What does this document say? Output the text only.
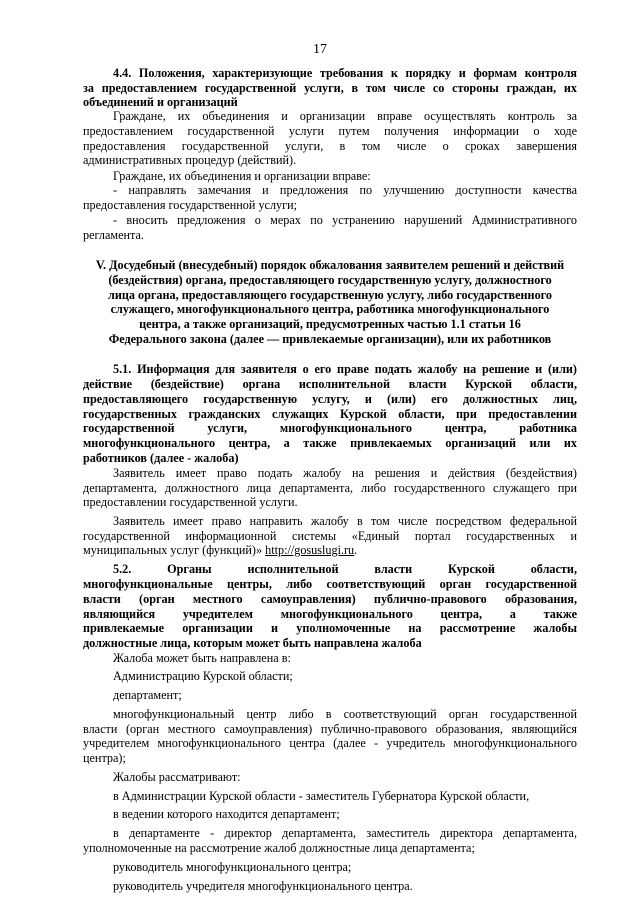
17
4.4. Положения, характеризующие требования к порядку и формам контроля
за предоставлением государственной услуги, в том числе со стороны граждан, их
объединений и организаций
Граждане, их объединения и организации вправе осуществлять контроль за
предоставлением государственной услуги путем получения информации о ходе
предоставления государственной услуги, в том числе о сроках завершения
административных процедур (действий).
Граждане, их объединения и организации вправе:
- направлять замечания и предложения по улучшению доступности качества
предоставления государственной услуги;
- вносить предложения о мерах по устранению нарушений Административного
регламента.
V. Досудебный (внесудебный) порядок обжалования заявителем решений и действий
(бездействия) органа, предоставляющего государственную услугу, должностного
лица органа, предоставляющего государственную услугу, либо государственного
служащего, многофункционального центра, работника многофункционального
центра, а также организаций, предусмотренных частью 1.1 статьи 16
Федерального закона (далее — привлекаемые организации), или их работников
5.1. Информация для заявителя о его праве подать жалобу на решение и (или)
действие (бездействие) органа исполнительной власти Курской области,
предоставляющего государственную услугу, и (или) его должностных лиц,
государственных гражданских служащих Курской области, при предоставлении
государственной услуги, многофункционального центра, работника
многофункционального центра, а также привлекаемых организаций или их
работников (далее - жалоба)
Заявитель имеет право подать жалобу на решения и действия (бездействия)
департамента, должностного лица департамента, либо государственного служащего при
предоставлении государственной услуги.
Заявитель имеет право направить жалобу в том числе посредством федеральной
государственной информационной системы «Единый портал государственных и
муниципальных услуг (функций)» http://gosuslugi.ru.
5.2. Органы исполнительной власти Курской области,
многофункциональные центры, либо соответствующий орган государственной
власти (орган местного самоуправления) публично-правового образования,
являющийся учредителем многофункционального центра, а также
привлекаемые организации и уполномоченные на рассмотрение жалобы
должностные лица, которым может быть направлена жалоба
Жалоба может быть направлена в:
Администрацию Курской области;
департамент;
многофункциональный центр либо в соответствующий орган государственной
власти (орган местного самоуправления) публично-правового образования, являющийся
учредителем многофункционального центра (далее - учредитель многофункционального
центра);
Жалобы рассматривают:
в Администрации Курской области - заместитель Губернатора Курской области,
в ведении которого находится департамент;
в департаменте - директор департамента, заместитель директора департамента,
уполномоченные на рассмотрение жалоб должностные лица департамента;
руководитель многофункционального центра;
руководитель учредителя многофункционального центра.
